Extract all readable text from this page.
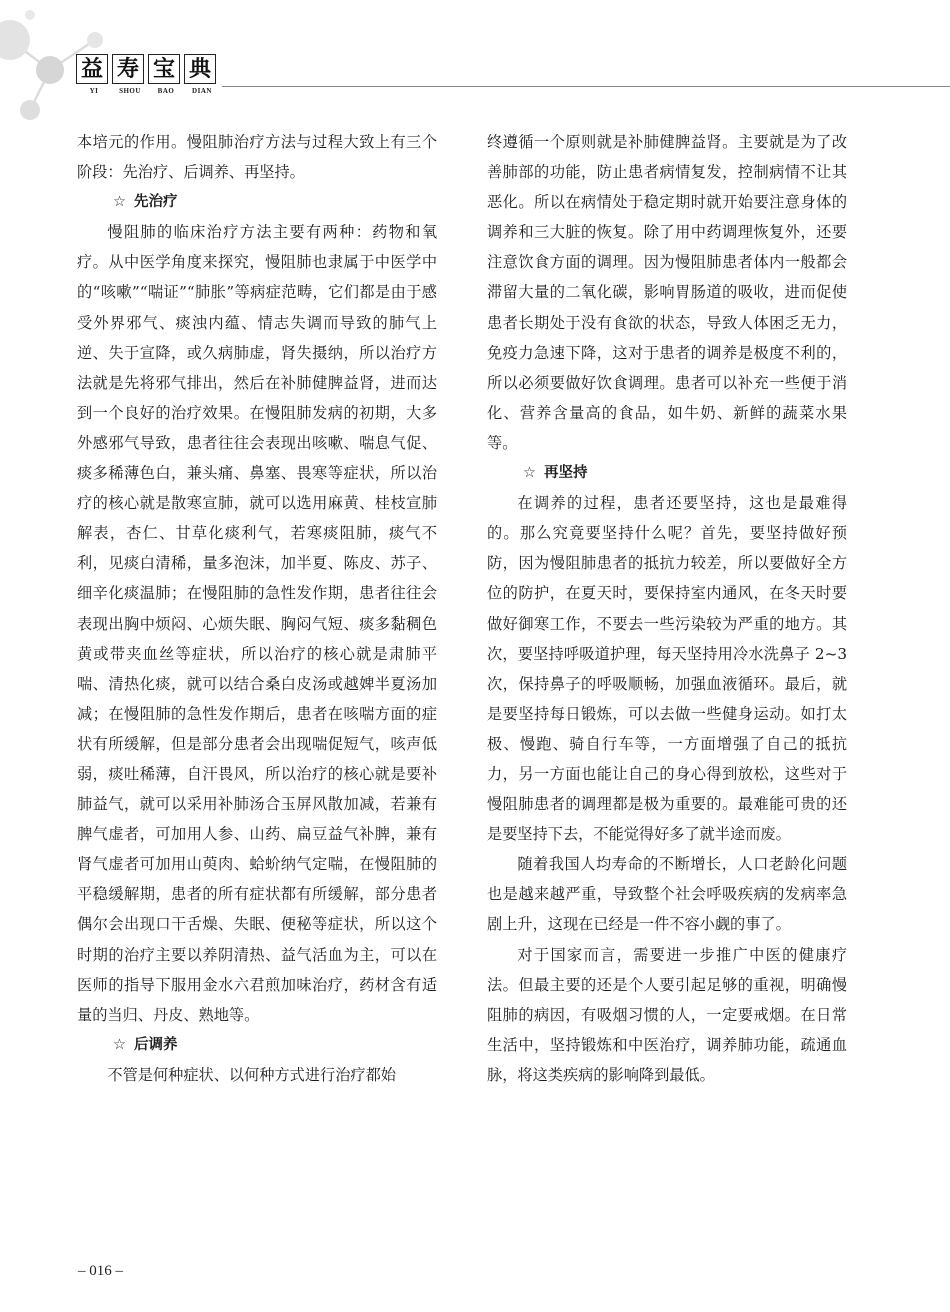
益 寿 宝 典
YI	SHOU	BAO	DIAN

本培元的作用。慢阻肺治疗方法与过程大致上有三个阶段：先治疗、后调养、再坚持。

☆ 先治疗

慢阻肺的临床治疗方法主要有两种：药物和氧疗。从中医学角度来探究，慢阻肺也隶属于中医学中的“咳嗽”“喘证”“肺胀”等病症范畴，它们都是由于感受外界邪气、痰浊内蕴、情志失调而导致的肺气上逆、失于宣降，或久病肺虚，肾失摄纳，所以治疗方法就是先将邪气排出，然后在补肺健脾益肾，进而达到一个良好的治疗效果。在慢阻肺发病的初期，大多外感邪气导致，患者往往会表现出咳嗽、喘息气促、痰多稀薄色白，兼头痛、鼻塞、畏寒等症状，所以治疗的核心就是散寒宣肺，就可以选用麻黄、桂枝宣肺解表，杏仁、甘草化痰利气，若寒痰阻肺，痰气不利，见痰白清稀，量多泡沫，加半夏、陈皮、苏子、细辛化痰温肺；在慢阻肺的急性发作期，患者往往会表现出胸中烦闷、心烦失眠、胸闷气短、痰多黏稠色黄或带夹血丝等症状，所以治疗的核心就是肃肺平喘、清热化痰，就可以结合桑白皮汤或越婢半夏汤加减；在慢阻肺的急性发作期后，患者在咳喘方面的症状有所缓解，但是部分患者会出现喘促短气，咳声低弱，痰吐稀薄，自汗畏风，所以治疗的核心就是要补肺益气，就可以采用补肺汤合玉屏风散加减，若兼有脾气虚者，可加用人参、山药、扁豆益气补脾，兼有肾气虚者可加用山萸肉、蛤蚧纳气定喘，在慢阻肺的平稳缓解期，患者的所有症状都有所缓解，部分患者偶尔会出现口干舌燥、失眠、便秘等症状，所以这个时期的治疗主要以养阴清热、益气活血为主，可以在医师的指导下服用金水六君煎加味治疗，药材含有适量的当归、丹皮、熟地等。

☆ 后调养

不管是何种症状、以何种方式进行治疗都始

终遵循一个原则就是补肺健脾益肾。主要就是为了改善肺部的功能，防止患者病情复发，控制病情不让其恶化。所以在病情处于稳定期时就开始要注意身体的调养和三大脏的恢复。除了用中药调理恢复外，还要注意饮食方面的调理。因为慢阻肺患者体内一般都会滞留大量的二氧化碳，影响胃肠道的吸收，进而促使患者长期处于没有食欲的状态，导致人体困乏无力，免疫力急速下降，这对于患者的调养是极度不利的，所以必须要做好饮食调理。患者可以补充一些便于消化、营养含量高的食品，如牛奶、新鲜的蔬菜水果等。

☆ 再坚持

在调养的过程，患者还要坚持，这也是最难得的。那么究竟要坚持什么呢？首先，要坚持做好预防，因为慢阻肺患者的抵抗力较差，所以要做好全方位的防护，在夏天时，要保持室内通风，在冬天时要做好御寒工作，不要去一些污染较为严重的地方。其次，要坚持呼吸道护理，每天坚持用冷水洗鼻子 2~3 次，保持鼻子的呼吸顺畅，加强血液循环。最后，就是要坚持每日锻炼，可以去做一些健身运动。如打太极、慢跑、骑自行车等，一方面增强了自己的抵抗力，另一方面也能让自己的身心得到放松，这些对于慢阻肺患者的调理都是极为重要的。最难能可贵的还是要坚持下去，不能觉得好多了就半途而废。

随着我国人均寿命的不断增长，人口老龄化问题也是越来越严重，导致整个社会呼吸疾病的发病率急剧上升，这现在已经是一件不容小觑的事了。

对于国家而言，需要进一步推广中医的健康疗法。但最主要的还是个人要引起足够的重视，明确慢阻肺的病因，有吸烟习惯的人，一定要戒烟。在日常生活中，坚持锻炼和中医治疗，调养肺功能，疏通血脉，将这类疾病的影响降到最低。

– 016 –
